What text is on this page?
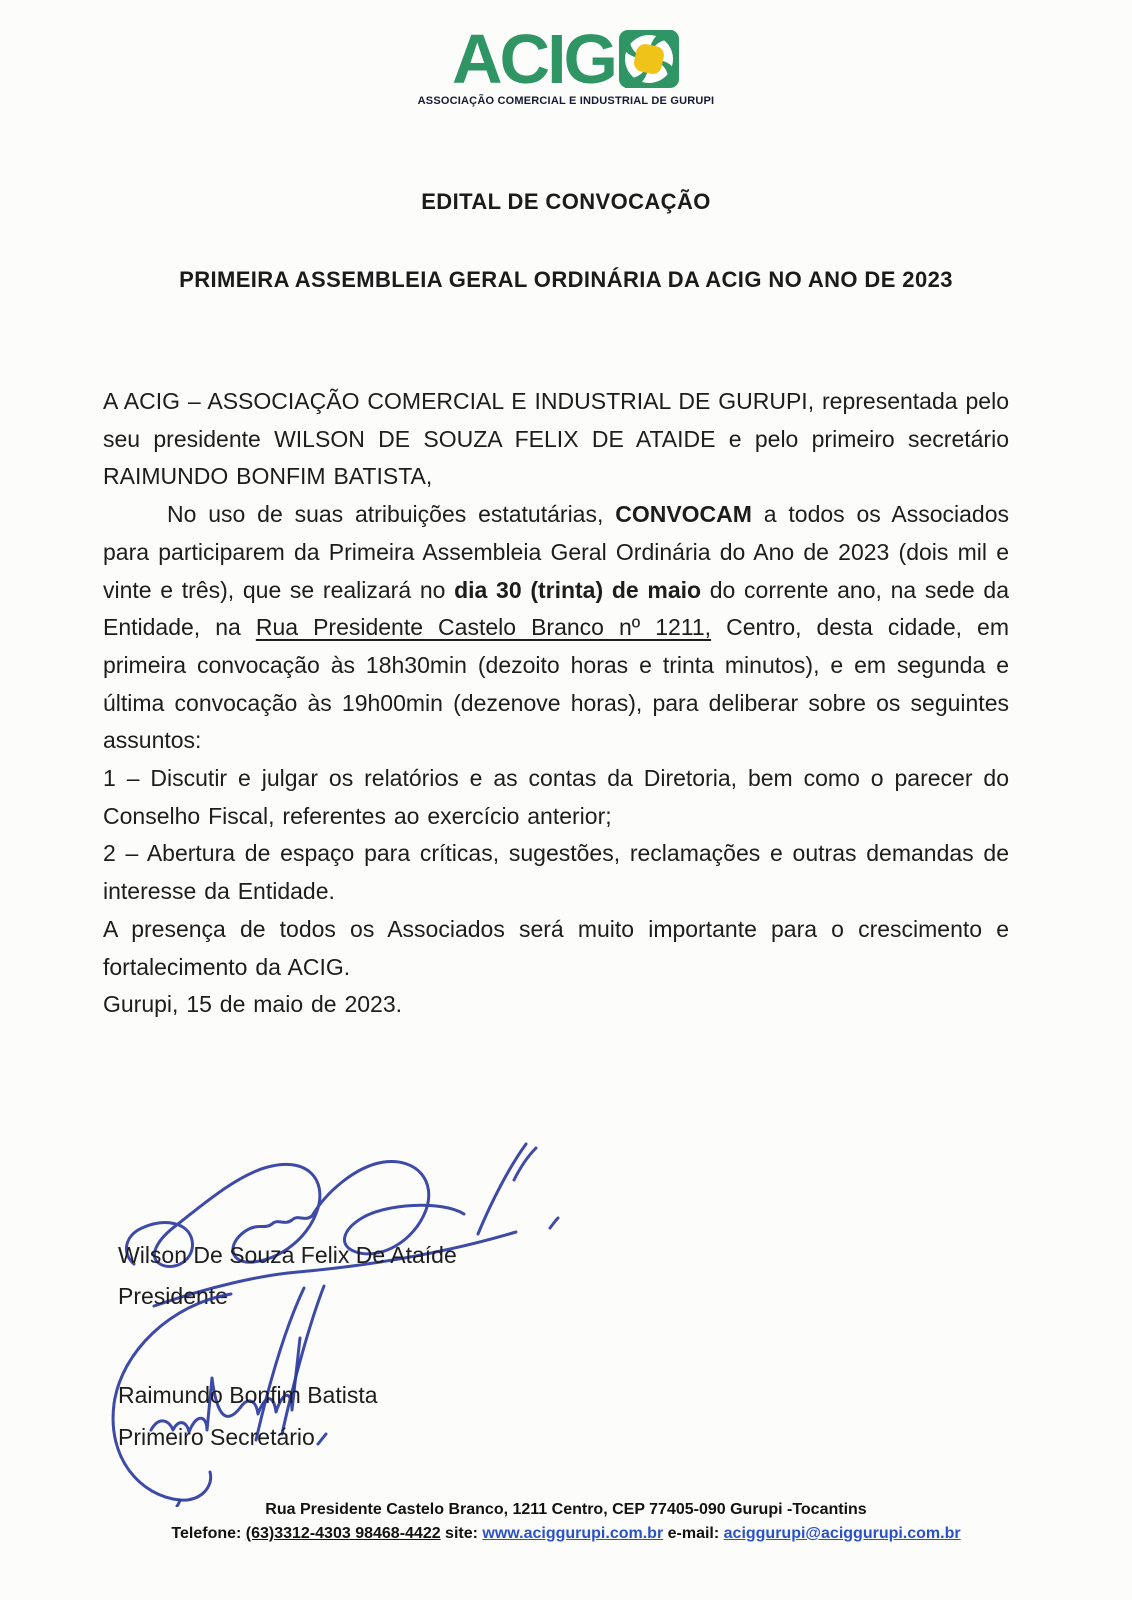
ACIG
ASSOCIAÇÃO COMERCIAL E INDUSTRIAL DE GURUPI
EDITAL DE CONVOCAÇÃO
PRIMEIRA ASSEMBLEIA GERAL ORDINÁRIA DA ACIG NO ANO DE 2023

A ACIG – ASSOCIAÇÃO COMERCIAL E INDUSTRIAL DE GURUPI, representada pelo seu presidente WILSON DE SOUZA FELIX DE ATAIDE e pelo primeiro secretário RAIMUNDO BONFIM BATISTA,

No uso de suas atribuições estatutárias, CONVOCAM a todos os Associados para participarem da Primeira Assembleia Geral Ordinária do Ano de 2023 (dois mil e vinte e três), que se realizará no dia 30 (trinta) de maio do corrente ano, na sede da Entidade, na Rua Presidente Castelo Branco nº 1211, Centro, desta cidade, em primeira convocação às 18h30min (dezoito horas e trinta minutos), e em segunda e última convocação às 19h00min (dezenove horas), para deliberar sobre os seguintes assuntos:

1 – Discutir e julgar os relatórios e as contas da Diretoria, bem como o parecer do Conselho Fiscal, referentes ao exercício anterior;

2 – Abertura de espaço para críticas, sugestões, reclamações e outras demandas de interesse da Entidade.

A presença de todos os Associados será muito importante para o crescimento e fortalecimento da ACIG.

Gurupi, 15 de maio de 2023.

Wilson De Souza Felix De Ataíde
Presidente
Raimundo Bonfim Batista
Primeiro Secretário
Rua Presidente Castelo Branco, 1211 Centro, CEP 77405-090 Gurupi -Tocantins
Telefone: (63)3312-4303 98468-4422 site: www.aciggurupi.com.br e-mail: aciggurupi@aciggurupi.com.br
